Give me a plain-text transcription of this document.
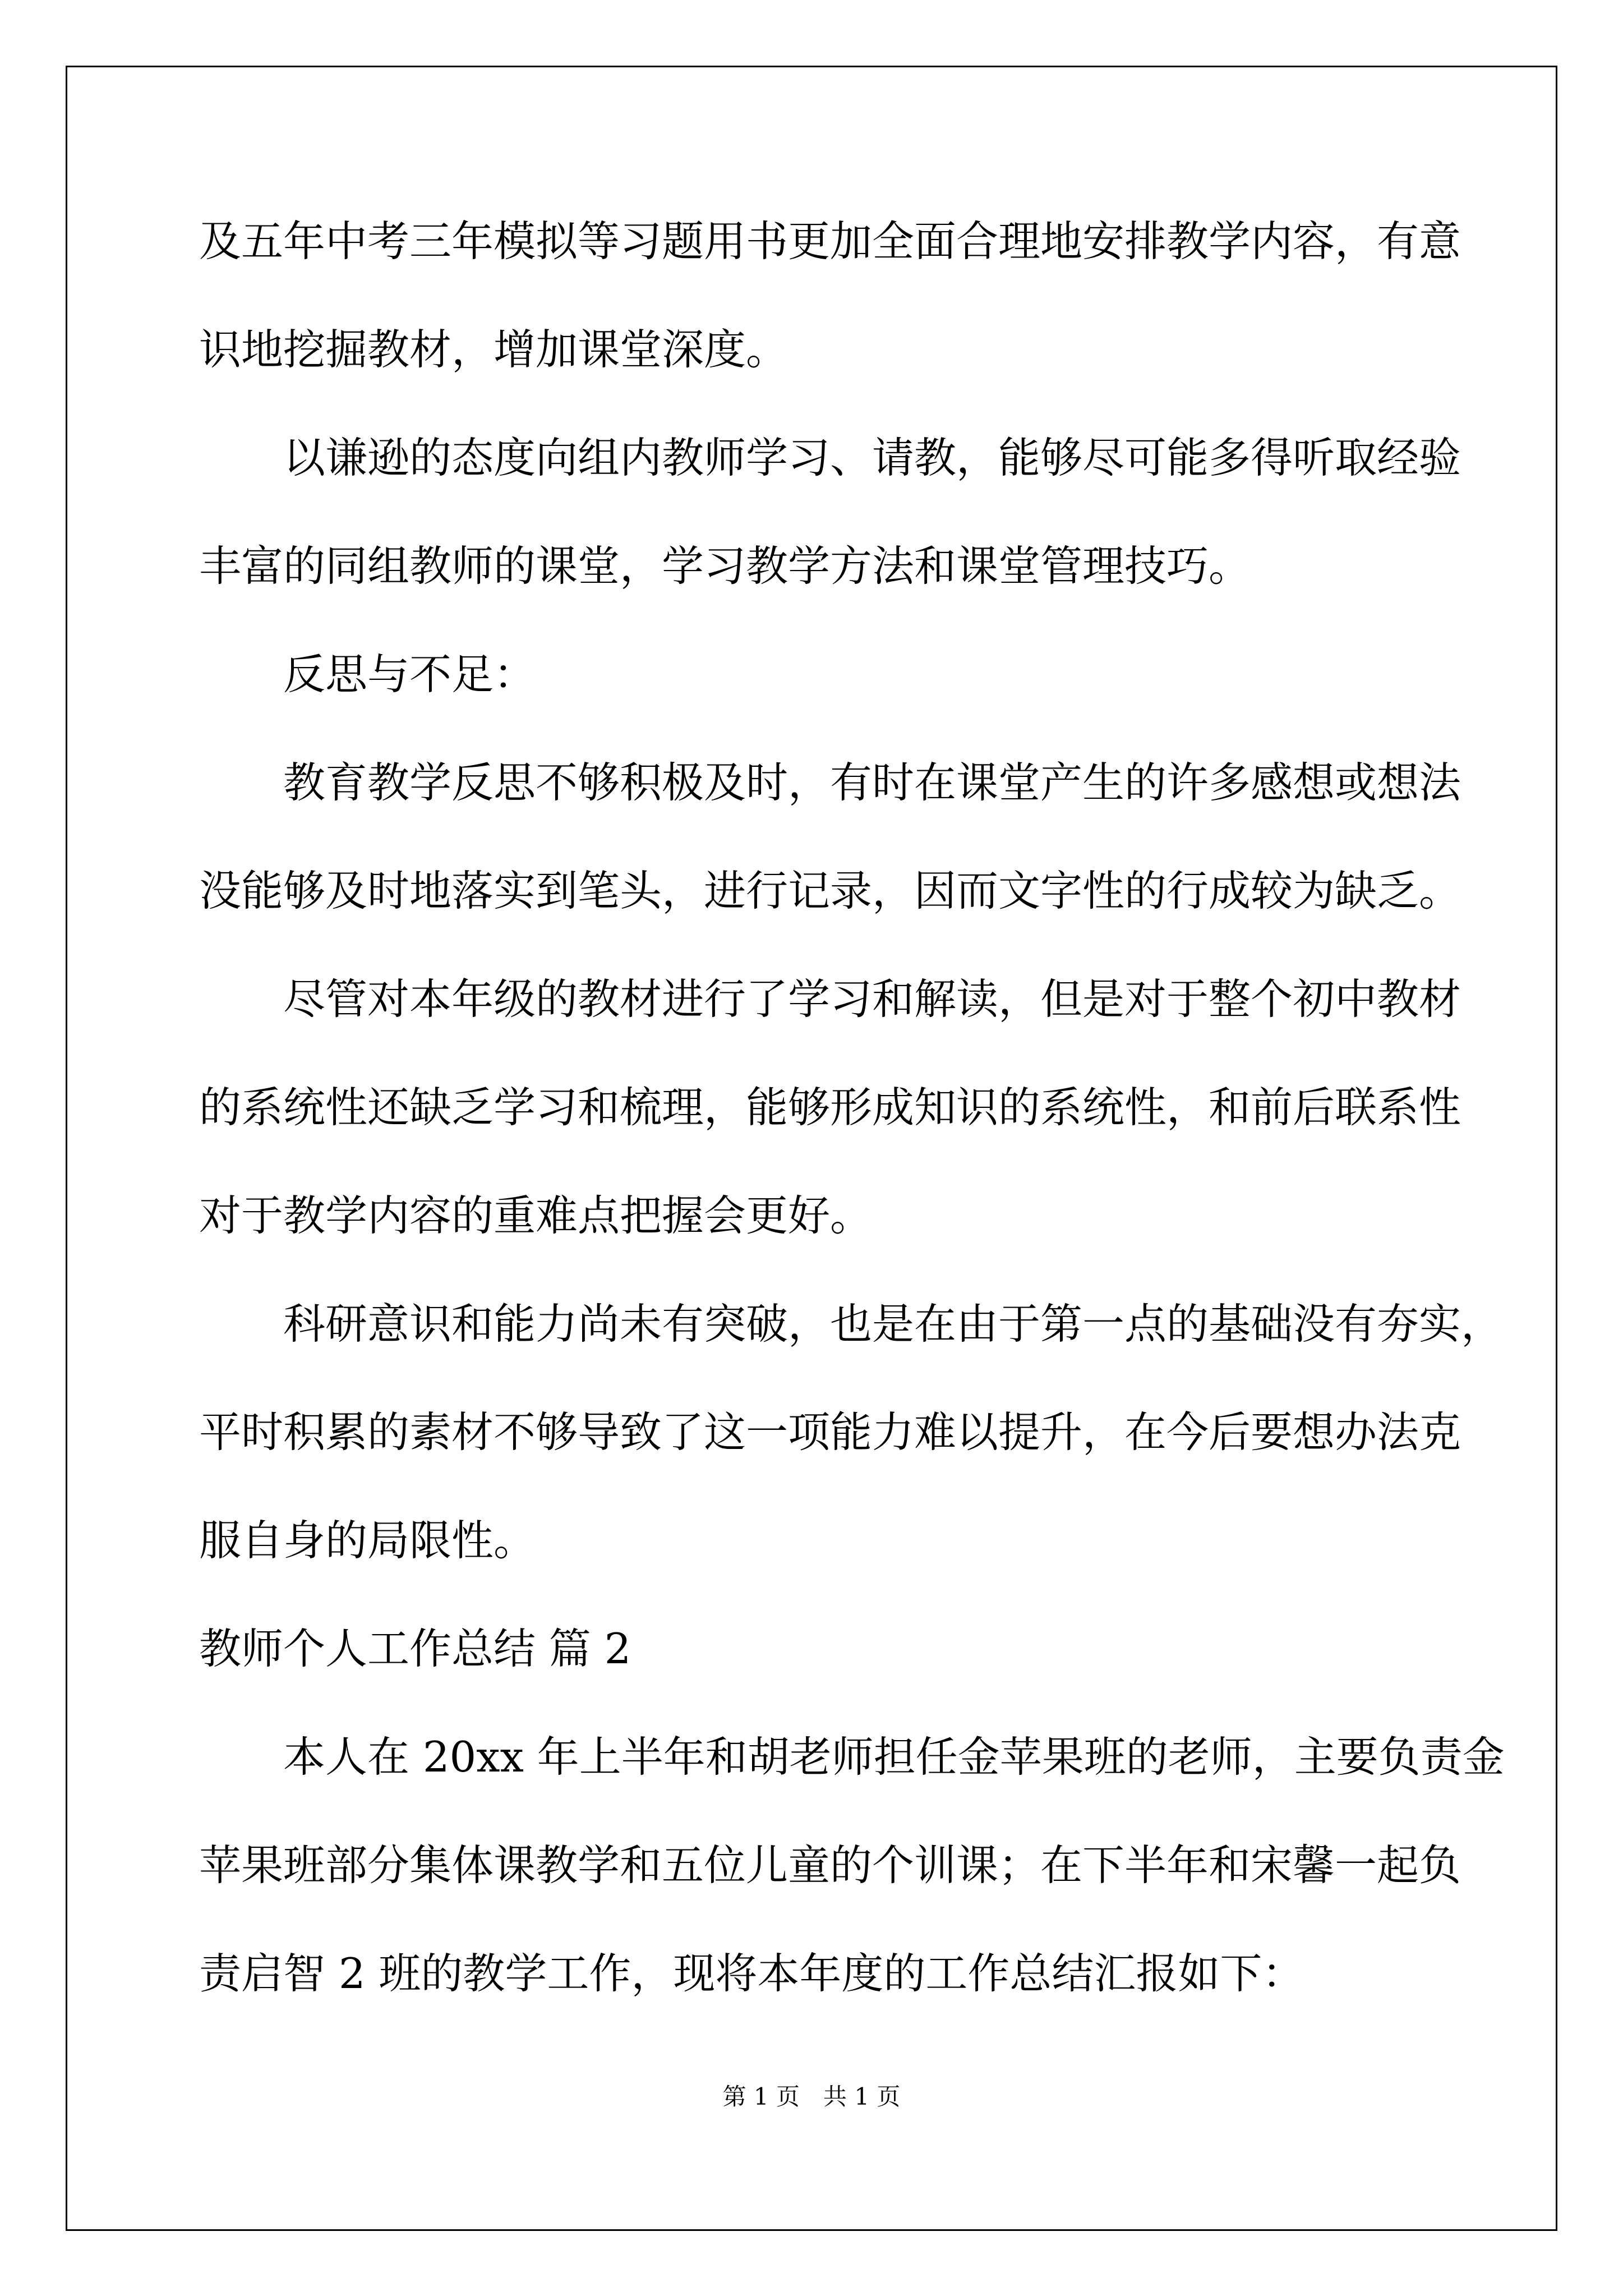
及五年中考三年模拟等习题用书更加全面合理地安排教学内容，有意
识地挖掘教材，增加课堂深度。
以谦逊的态度向组内教师学习、请教，能够尽可能多得听取经验
丰富的同组教师的课堂，学习教学方法和课堂管理技巧。
反思与不足：
教育教学反思不够积极及时，有时在课堂产生的许多感想或想法
没能够及时地落实到笔头，进行记录，因而文字性的行成较为缺乏。
尽管对本年级的教材进行了学习和解读，但是对于整个初中教材
的系统性还缺乏学习和梳理，能够形成知识的系统性，和前后联系性
对于教学内容的重难点把握会更好。
科研意识和能力尚未有突破，也是在由于第一点的基础没有夯实，
平时积累的素材不够导致了这一项能力难以提升，在今后要想办法克
服自身的局限性。
教师个人工作总结 篇 2
本人在 20xx 年上半年和胡老师担任金苹果班的老师，主要负责金
苹果班部分集体课教学和五位儿童的个训课；在下半年和宋馨一起负
责启智 2 班的教学工作，现将本年度的工作总结汇报如下：
第 1 页　共 1 页
